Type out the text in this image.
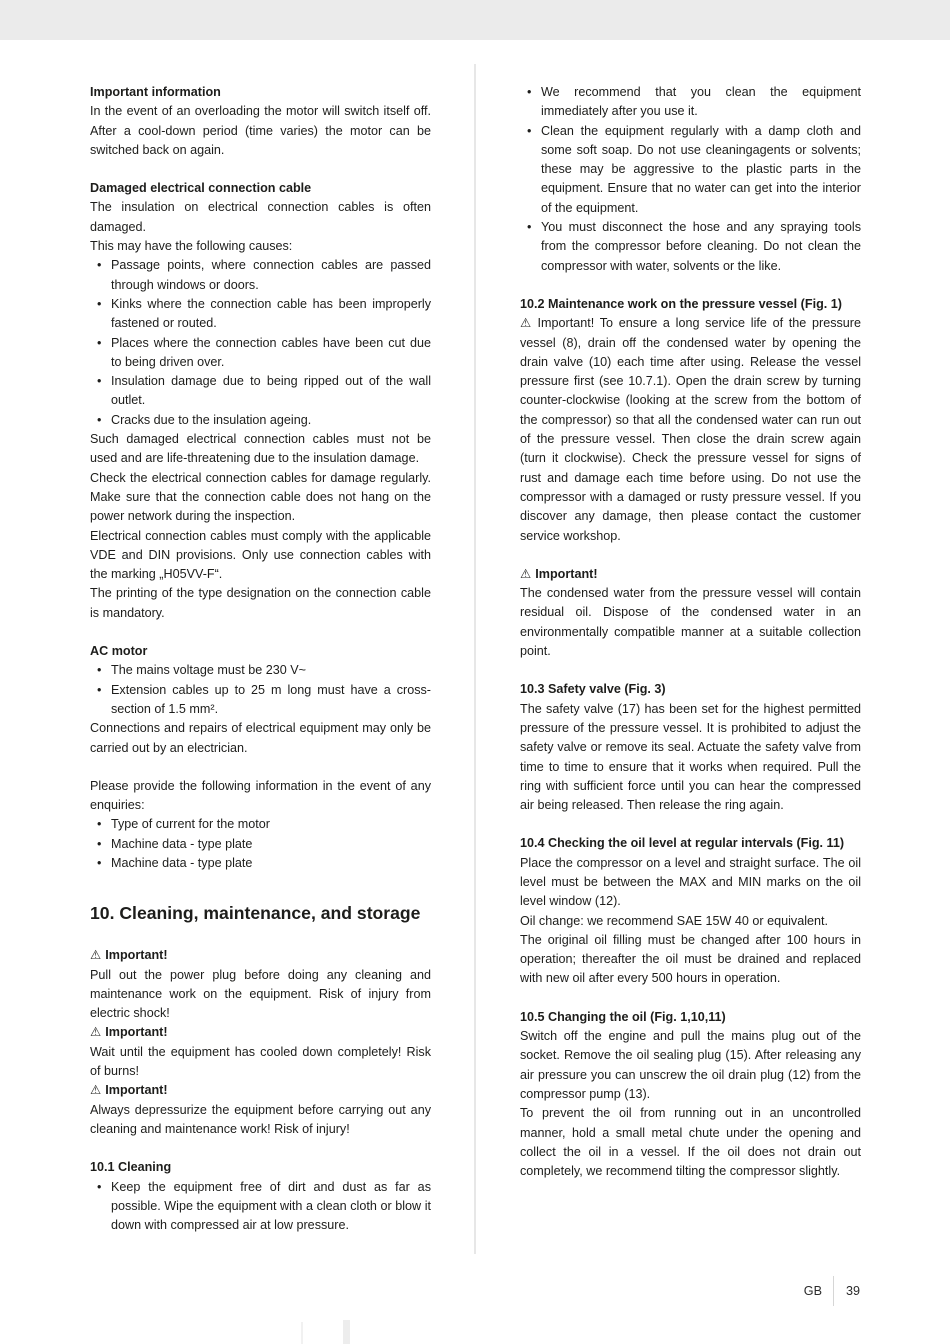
Important information

In the event of an overloading the motor will switch itself off. After a cool-down period (time varies) the motor can be switched back on again.

Damaged electrical connection cable

The insulation on electrical connection cables is often damaged.

This may have the following causes:

• Passage points, where connection cables are passed through windows or doors.
• Kinks where the connection cable has been improperly fastened or routed.
• Places where the connection cables have been cut due to being driven over.
• Insulation damage due to being ripped out of the wall outlet.
• Cracks due to the insulation ageing.

Such damaged electrical connection cables must not be used and are life-threatening due to the insulation damage.

Check the electrical connection cables for damage regularly. Make sure that the connection cable does not hang on the power network during the inspection.

Electrical connection cables must comply with the applicable VDE and DIN provisions. Only use connection cables with the marking „H05VV-F“.

The printing of the type designation on the connection cable is mandatory.

AC motor
• The mains voltage must be 230 V~
• Extension cables up to 25 m long must have a cross-section of 1.5 mm².

Connections and repairs of electrical equipment may only be carried out by an electrician.

Please provide the following information in the event of any enquiries:

• Type of current for the motor
• Machine data - type plate
• Machine data - type plate
10. Cleaning, maintenance, and storage
⚠ Important!

Pull out the power plug before doing any cleaning and maintenance work on the equipment. Risk of injury from electric shock!

⚠ Important!

Wait until the equipment has cooled down completely! Risk of burns!

⚠ Important!

Always depressurize the equipment before carrying out any cleaning and maintenance work! Risk of injury!

10.1 Cleaning
• Keep the equipment free of dirt and dust as far as possible. Wipe the equipment with a clean cloth or blow it down with compressed air at low pressure.
• We recommend that you clean the equipment immediately after you use it.
• Clean the equipment regularly with a damp cloth and some soft soap. Do not use cleaningagents or solvents; these may be aggressive to the plastic parts in the equipment. Ensure that no water can get into the interior of the equipment.
• You must disconnect the hose and any spraying tools from the compressor before cleaning. Do not clean the compressor with water, solvents or the like.
10.2 Maintenance work on the pressure vessel (Fig. 1)

⚠ Important! To ensure a long service life of the pressure vessel (8), drain off the condensed water by opening the drain valve (10) each time after using. Release the vessel pressure first (see 10.7.1). Open the drain screw by turning counter-clockwise (looking at the screw from the bottom of the compressor) so that all the condensed water can run out of the pressure vessel. Then close the drain screw again (turn it clockwise). Check the pressure vessel for signs of rust and damage each time before using. Do not use the compressor with a damaged or rusty pressure vessel. If you discover any damage, then please contact the customer service workshop.

⚠ Important!

The condensed water from the pressure vessel will contain residual oil. Dispose of the condensed water in an environmentally compatible manner at a suitable collection point.

10.3 Safety valve (Fig. 3)

The safety valve (17) has been set for the highest permitted pressure of the pressure vessel. It is prohibited to adjust the safety valve or remove its seal. Actuate the safety valve from time to time to ensure that it works when required. Pull the ring with sufficient force until you can hear the compressed air being released. Then release the ring again.

10.4 Checking the oil level at regular intervals (Fig. 11)

Place the compressor on a level and straight surface. The oil level must be between the MAX and MIN marks on the oil level window (12).

Oil change: we recommend SAE 15W 40 or equivalent.

The original oil filling must be changed after 100 hours in operation; thereafter the oil must be drained and replaced with new oil after every 500 hours in operation.

10.5 Changing the oil (Fig. 1,10,11)

Switch off the engine and pull the mains plug out of the socket. Remove the oil sealing plug (15). After releasing any air pressure you can unscrew the oil drain plug (12) from the compressor pump (13).

To prevent the oil from running out in an uncontrolled manner, hold a small metal chute under the opening and collect the oil in a vessel. If the oil does not drain out completely, we recommend tilting the compressor slightly.

GB 39
